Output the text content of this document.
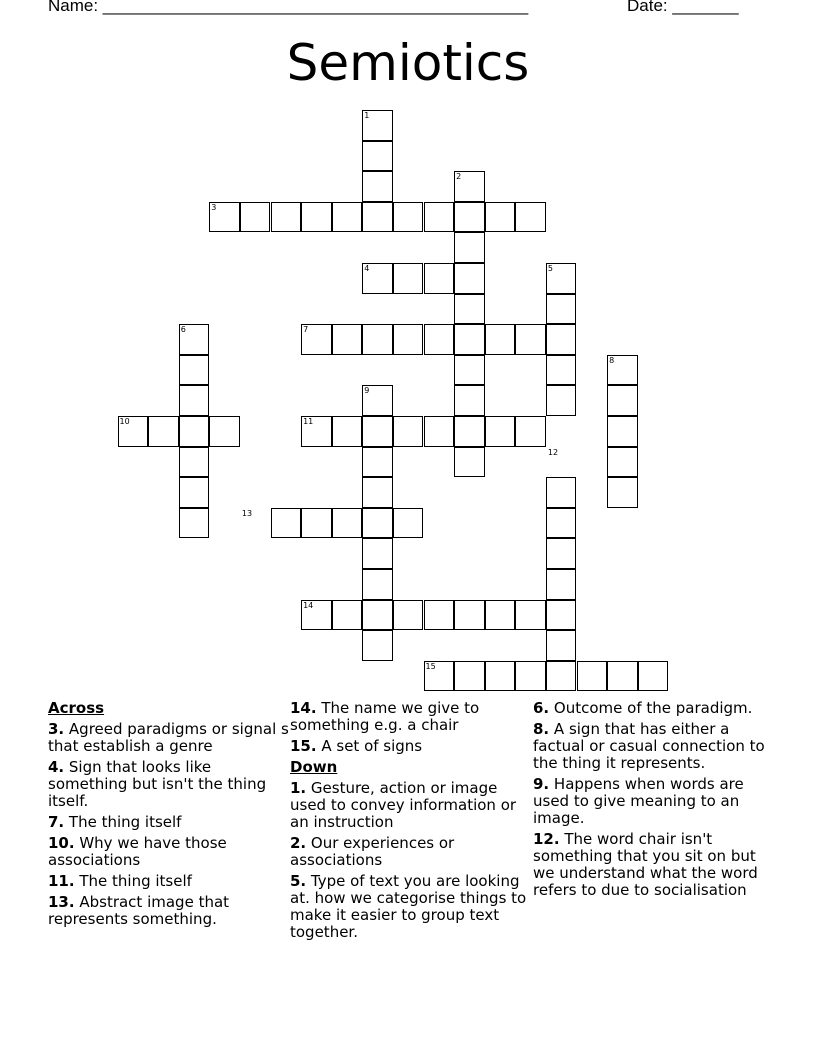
Name: _____________________________________________	Date: _______
Semiotics
1
2
3
4	5
6	7
8
9
10	11
12
13
14
15
Across
3. Agreed paradigms or signal s that establish a genre
4. Sign that looks like something but isn't the thing itself.
7. The thing itself
10. Why we have those associations
11. The thing itself
13. Abstract image that represents something.
14. The name we give to something e.g. a chair
15. A set of signs
Down
1. Gesture, action or image used to convey information or an instruction
2. Our experiences or associations
5. Type of text you are looking at. how we categorise things to make it easier to group text together.
6. Outcome of the paradigm.
8. A sign that has either a factual or casual connection to the thing it represents.
9. Happens when words are used to give meaning to an image.
12. The word chair isn't something that you sit on but we understand what the word refers to due to socialisation
